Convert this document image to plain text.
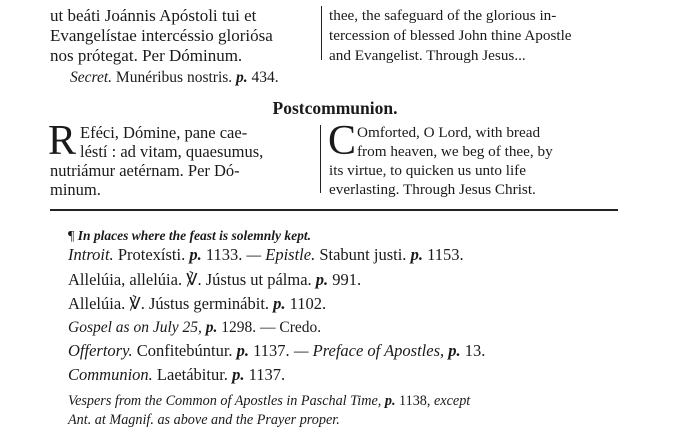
ut beáti Joánnis Apóstoli tui et
Evangelístae intercéssio gloriósa
nos prótegat. Per Dóminum.
thee, the safeguard of the glorious in-
tercession of blessed John thine Apostle
and Evangelist. Through Jesus...
Secret. Munéribus nostris. p. 434.
Postcommunion.
R Eféci, Dómine, pane cae-
léstí : ad vitam, quaesumus,
nutriámur aetérnam. Per Dó-
minum.
C Omforted, O Lord, with bread
from heaven, we beg of thee, by
its virtue, to quicken us unto life
everlasting. Through Jesus Christ.
¶ In places where the feast is solemnly kept.
Introit. Protexísti. p. 1133. — Epistle. Stabunt justi. p. 1153.
Allelúia, allelúia. ℣. Jústus ut pálma. p. 991.
Allelúia. ℣. Jústus germinábit. p. 1102.
Gospel as on July 25, p. 1298. — Credo.
Offertory. Confitebúntur. p. 1137. — Preface of Apostles, p. 13.
Communion. Laetábitur. p. 1137.
Vespers from the Common of Apostles in Paschal Time, p. 1138, except
Ant. at Magnif. as above and the Prayer proper.
